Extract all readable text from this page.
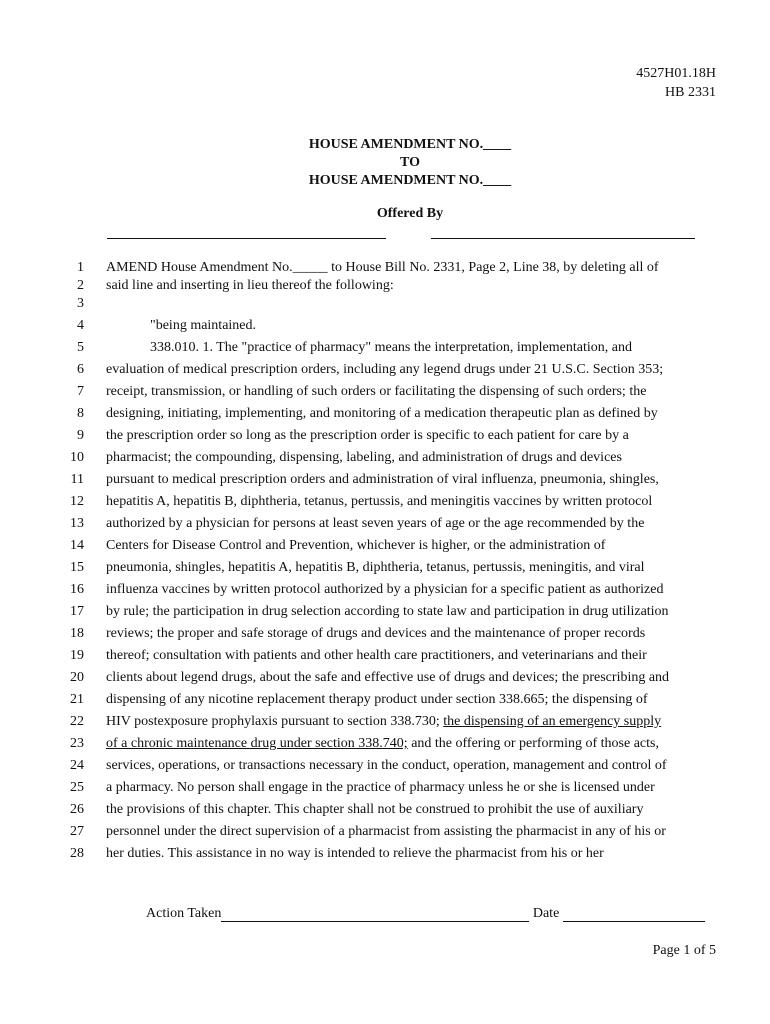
4527H01.18H
HB 2331
HOUSE AMENDMENT NO.____
TO
HOUSE AMENDMENT NO.____
Offered By
1 AMEND House Amendment No._____ to House Bill No. 2331, Page 2, Line 38, by deleting all of
2 said line and inserting in lieu thereof the following:
3
4	"being maintained.
5	338.010. 1. The "practice of pharmacy" means the interpretation, implementation, and
6 evaluation of medical prescription orders, including any legend drugs under 21 U.S.C. Section 353;
7 receipt, transmission, or handling of such orders or facilitating the dispensing of such orders; the
8 designing, initiating, implementing, and monitoring of a medication therapeutic plan as defined by
9 the prescription order so long as the prescription order is specific to each patient for care by a
10 pharmacist; the compounding, dispensing, labeling, and administration of drugs and devices
11 pursuant to medical prescription orders and administration of viral influenza, pneumonia, shingles,
12 hepatitis A, hepatitis B, diphtheria, tetanus, pertussis, and meningitis vaccines by written protocol
13 authorized by a physician for persons at least seven years of age or the age recommended by the
14 Centers for Disease Control and Prevention, whichever is higher, or the administration of
15 pneumonia, shingles, hepatitis A, hepatitis B, diphtheria, tetanus, pertussis, meningitis, and viral
16 influenza vaccines by written protocol authorized by a physician for a specific patient as authorized
17 by rule; the participation in drug selection according to state law and participation in drug utilization
18 reviews; the proper and safe storage of drugs and devices and the maintenance of proper records
19 thereof; consultation with patients and other health care practitioners, and veterinarians and their
20 clients about legend drugs, about the safe and effective use of drugs and devices; the prescribing and
21 dispensing of any nicotine replacement therapy product under section 338.665; the dispensing of
22 HIV postexposure prophylaxis pursuant to section 338.730; the dispensing of an emergency supply
23 of a chronic maintenance drug under section 338.740; and the offering or performing of those acts,
24 services, operations, or transactions necessary in the conduct, operation, management and control of
25 a pharmacy. No person shall engage in the practice of pharmacy unless he or she is licensed under
26 the provisions of this chapter. This chapter shall not be construed to prohibit the use of auxiliary
27 personnel under the direct supervision of a pharmacist from assisting the pharmacist in any of his or
28 her duties. This assistance in no way is intended to relieve the pharmacist from his or her
Action Taken	Date
Page 1 of 5
